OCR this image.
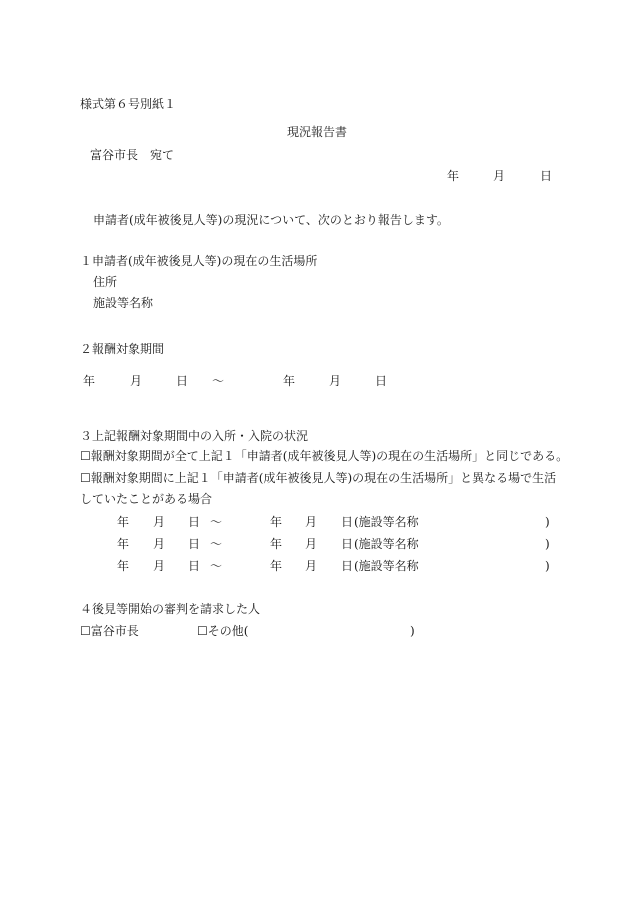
様式第６号別紙１
現況報告書
富谷市長　宛て
年	月	日
申請者(成年被後見人等)の現況について、次のとおり報告します。
１申請者(成年被後見人等)の現在の生活場所
住所
施設等名称
２報酬対象期間
年	月	日 〜	年	月	日
３上記報酬対象期間中の入所・入院の状況
☐報酬対象期間が全て上記１「申請者(成年被後見人等)の現在の生活場所」と同じである。
☐報酬対象期間に上記１「申請者(成年被後見人等)の現在の生活場所」と異なる場で生活
していたことがある場合
年 月 日 〜	年 月 日 (施設等名称	)
年 月 日 〜	年 月 日 (施設等名称	)
年 月 日 〜	年 月 日 (施設等名称	)
４後見等開始の審判を請求した人
☐富谷市長	☐その他(	)
